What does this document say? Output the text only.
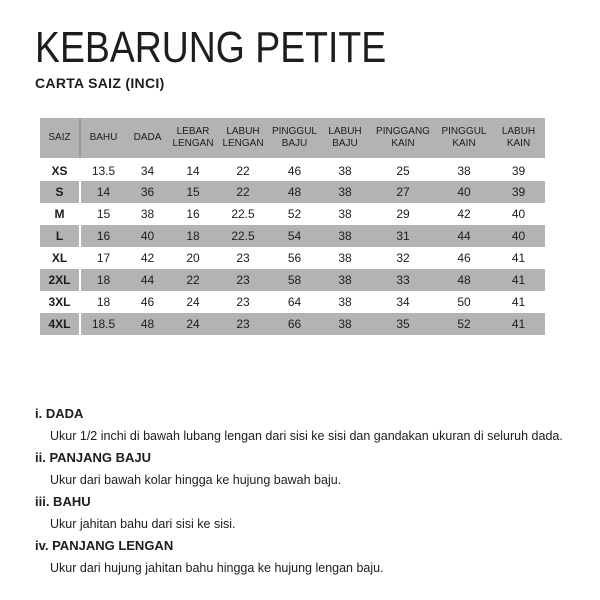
KEBARUNG PETITE
CARTA SAIZ (INCI)
SAIZ	BAHU	DADA	LEBAR LENGAN	LABUH LENGAN	PINGGUL BAJU	LABUH BAJU	PINGGANG KAIN	PINGGUL KAIN	LABUH KAIN
XS	13.5	34	14	22	46	38	25	38	39
S	14	36	15	22	48	38	27	40	39
M	15	38	16	22.5	52	38	29	42	40
L	16	40	18	22.5	54	38	31	44	40
XL	17	42	20	23	56	38	32	46	41
2XL	18	44	22	23	58	38	33	48	41
3XL	18	46	24	23	64	38	34	50	41
4XL	18.5	48	24	23	66	38	35	52	41
i. DADA
Ukur 1/2 inchi di bawah lubang lengan dari sisi ke sisi dan gandakan ukuran di seluruh dada.
ii. PANJANG BAJU
Ukur dari bawah kolar hingga ke hujung bawah baju.
iii. BAHU
Ukur jahitan bahu dari sisi ke sisi.
iv. PANJANG LENGAN
Ukur dari hujung jahitan bahu hingga ke hujung lengan baju.
